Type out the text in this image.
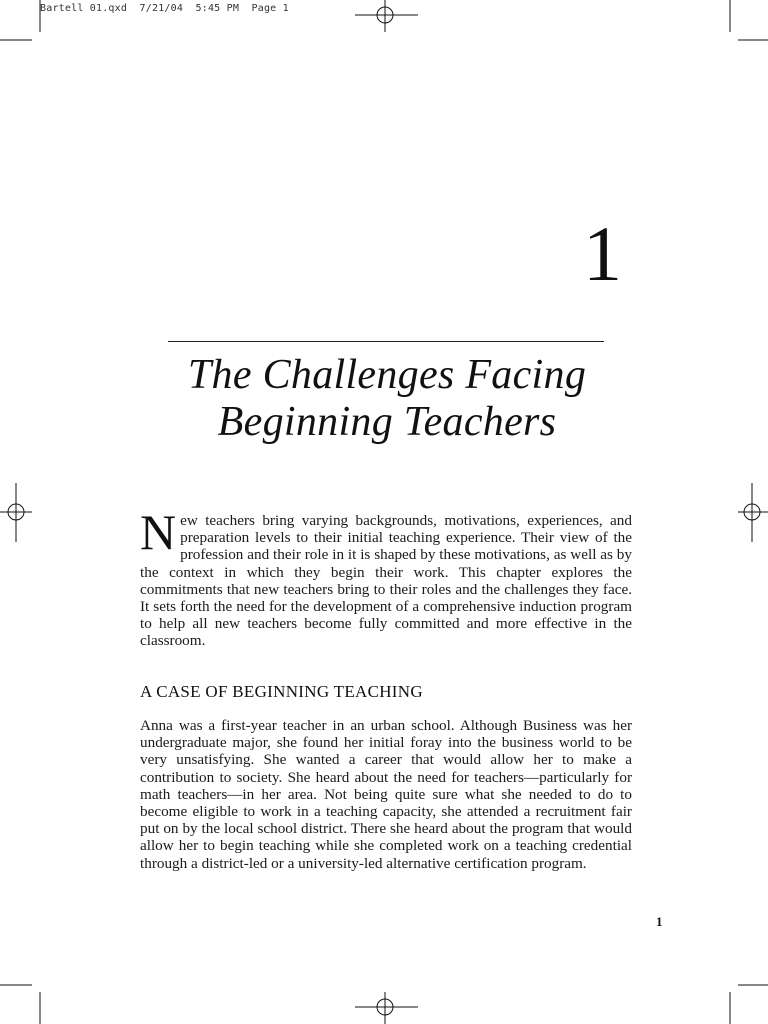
Bartell 01.qxd  7/21/04  5:45 PM  Page 1
1
The Challenges Facing Beginning Teachers
New teachers bring varying backgrounds, motivations, experiences, and preparation levels to their initial teaching experience. Their view of the profession and their role in it is shaped by these motivations, as well as by the context in which they begin their work. This chapter explores the commitments that new teachers bring to their roles and the challenges they face. It sets forth the need for the development of a comprehensive induction program to help all new teachers become fully committed and more effective in the classroom.
A CASE OF BEGINNING TEACHING
Anna was a first-year teacher in an urban school. Although Business was her undergraduate major, she found her initial foray into the business world to be very unsatisfying. She wanted a career that would allow her to make a contribution to society. She heard about the need for teachers—particularly for math teachers—in her area. Not being quite sure what she needed to do to become eligible to work in a teaching capacity, she attended a recruitment fair put on by the local school district. There she heard about the program that would allow her to begin teaching while she completed work on a teaching credential through a district-led or a university-led alternative certification program.
1
